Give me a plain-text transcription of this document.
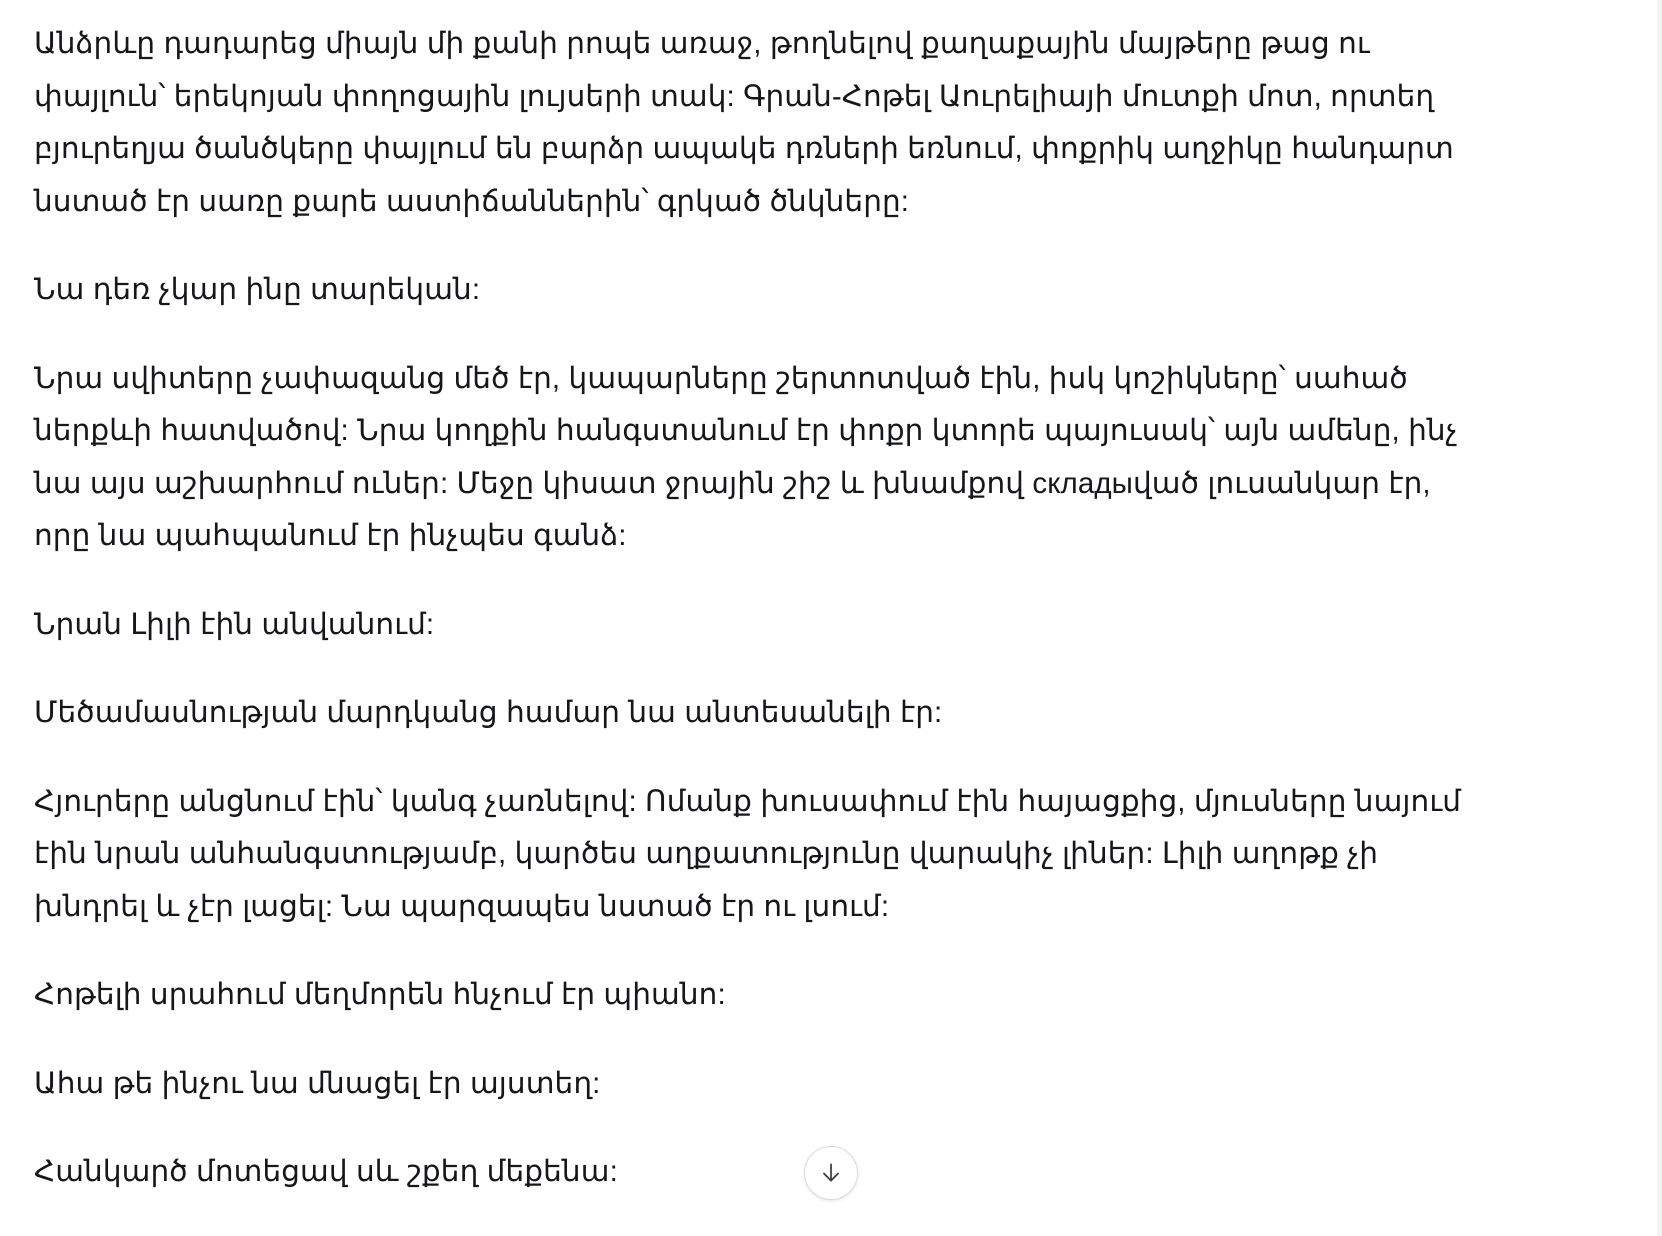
Անձրևը դադարեց միայն մի քանի րոպե առաջ, թողնելով քաղաքային մայթերը թաց ու փայլուն՝ երեկոյան փողոցային լույսերի տակ: Գրան-Հոթել Աուրելիայի մուտքի մոտ, որտեղ բյուրեղյա ծանծկերը փայլում են բարձր ապակե դռների եռնում, փոքրիկ աղջիկը հանդարտ նստած էր սառը քարե աստիճաններին՝ գրկած ծնկները:

Նա դեռ չկար ինը տարեկան:

Նրա սվիտերը չափազանց մեծ էր, կապարները շերտոտված էին, իսկ կոշիկները՝ սահած ներքևի հատվածով: Նրա կողքին հանգստանում էր փոքր կտորե պայուսակ՝ այն ամենը, ինչ նա այս աշխարհում ուներ: Մեջը կիսատ ջրային շիշ և խնամքով складыված լուսանկար էր, որը նա պահպանում էր ինչպես գանձ:

Նրան Լիլի էին անվանում:

Մեծամասնության մարդկանց համար նա անտեսանելի էր:

Հյուրերը անցնում էին՝ կանգ չառնելով: Ոմանք խուսափում էին հայացքից, մյուսները նայում էին նրան անհանգստությամբ, կարծես աղքատությունը վարակիչ լիներ: Լիլի աղոթք չի խնդրել և չէր լացել: Նա պարզապես նստած էր ու լսում:

Հոթելի սրահում մեղմորեն հնչում էր պիանո:

Ահա թե ինչու նա մնացել էր այստեղ:

Հանկարծ մոտեցավ սև շքեղ մեքենա:
